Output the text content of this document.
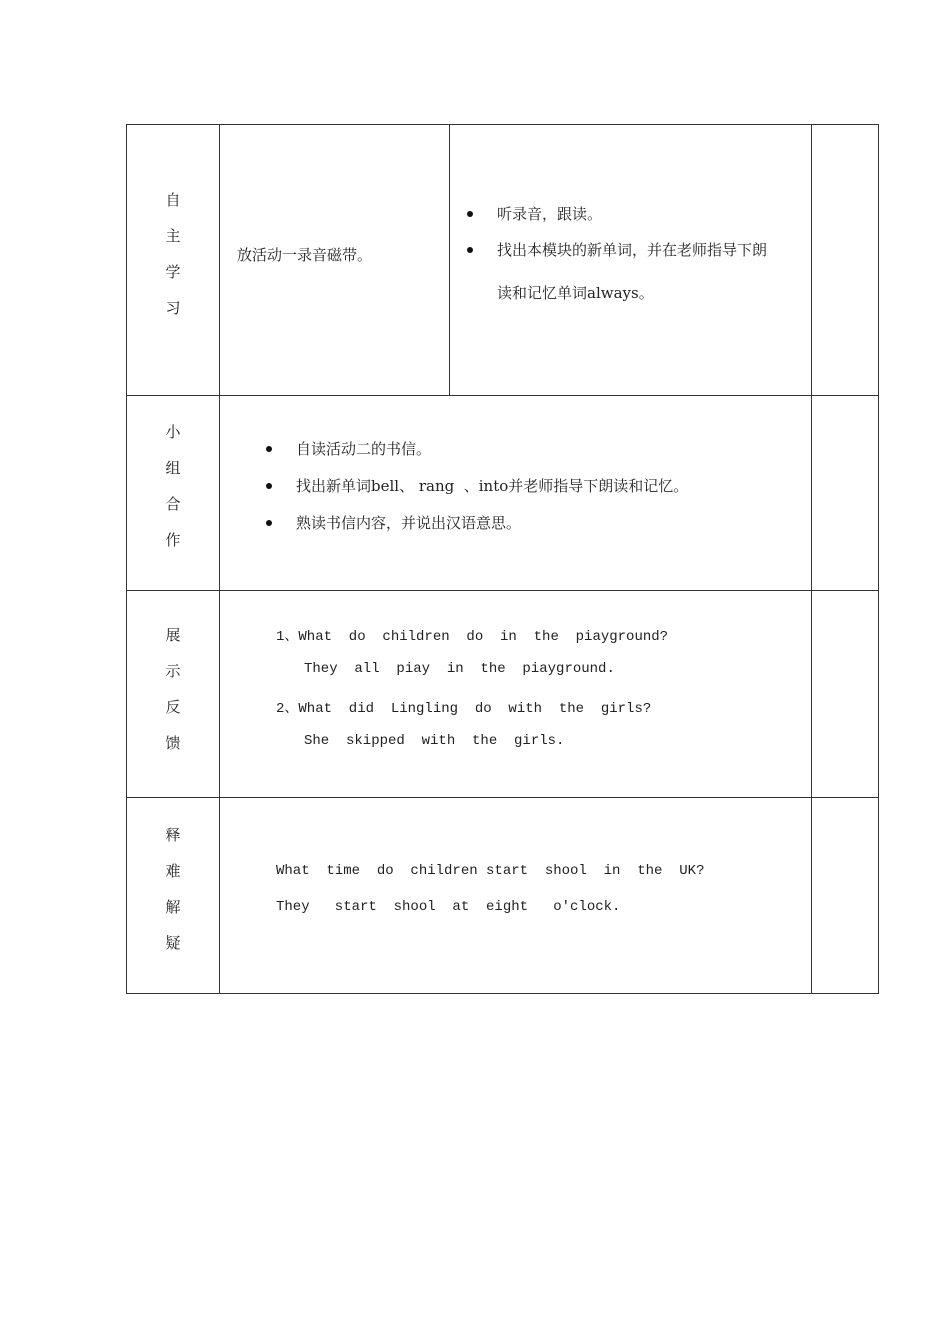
自
主
学
习
放活动一录音磁带。
听录音，跟读。
找出本模块的新单词，并在老师指导下朗
读和记忆单词always。
小
组
合
作
自读活动二的书信。
找出新单词bell、 rang  、into并老师指导下朗读和记忆。
熟读书信内容，并说出汉语意思。
展
示
反
馈
1、What  do  children  do  in  the  piayground?
They  all  piay  in  the  piayground.
2、What  did  Lingling  do  with  the  girls?
She  skipped  with  the  girls.
释
难
解
疑
What  time  do  children start  shool  in  the  UK?
They   start  shool  at  eight   o'clock.
